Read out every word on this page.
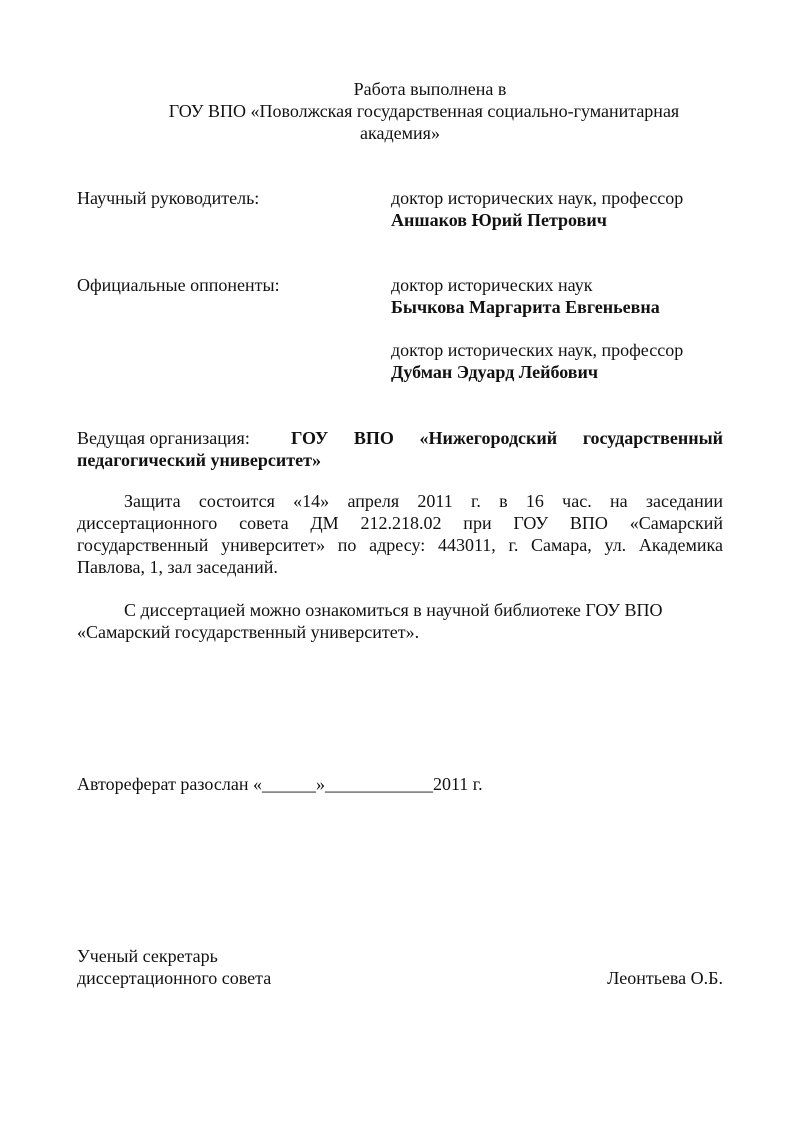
Работа выполнена в
ГОУ ВПО «Поволжская государственная социально-гуманитарная
академия»
Научный руководитель:	доктор исторических наук, профессор
Аншаков Юрий Петрович
Официальные оппоненты:	доктор исторических наук
Бычкова Маргарита Евгеньевна
доктор исторических наук, профессор
Дубман Эдуард Лейбович
Ведущая организация: ГОУ ВПО «Нижегородский государственный
педагогический университет»
Защита состоится «14» апреля 2011 г. в 16 час. на заседании
диссертационного совета ДМ 212.218.02 при ГОУ ВПО «Самарский
государственный университет» по адресу: 443011, г. Самара, ул. Академика
Павлова, 1, зал заседаний.
С диссертацией можно ознакомиться в научной библиотеке ГОУ ВПО
«Самарский государственный университет».
Автореферат разослан «______»____________2011 г.
Ученый секретарь
диссертационного совета	Леонтьева О.Б.
